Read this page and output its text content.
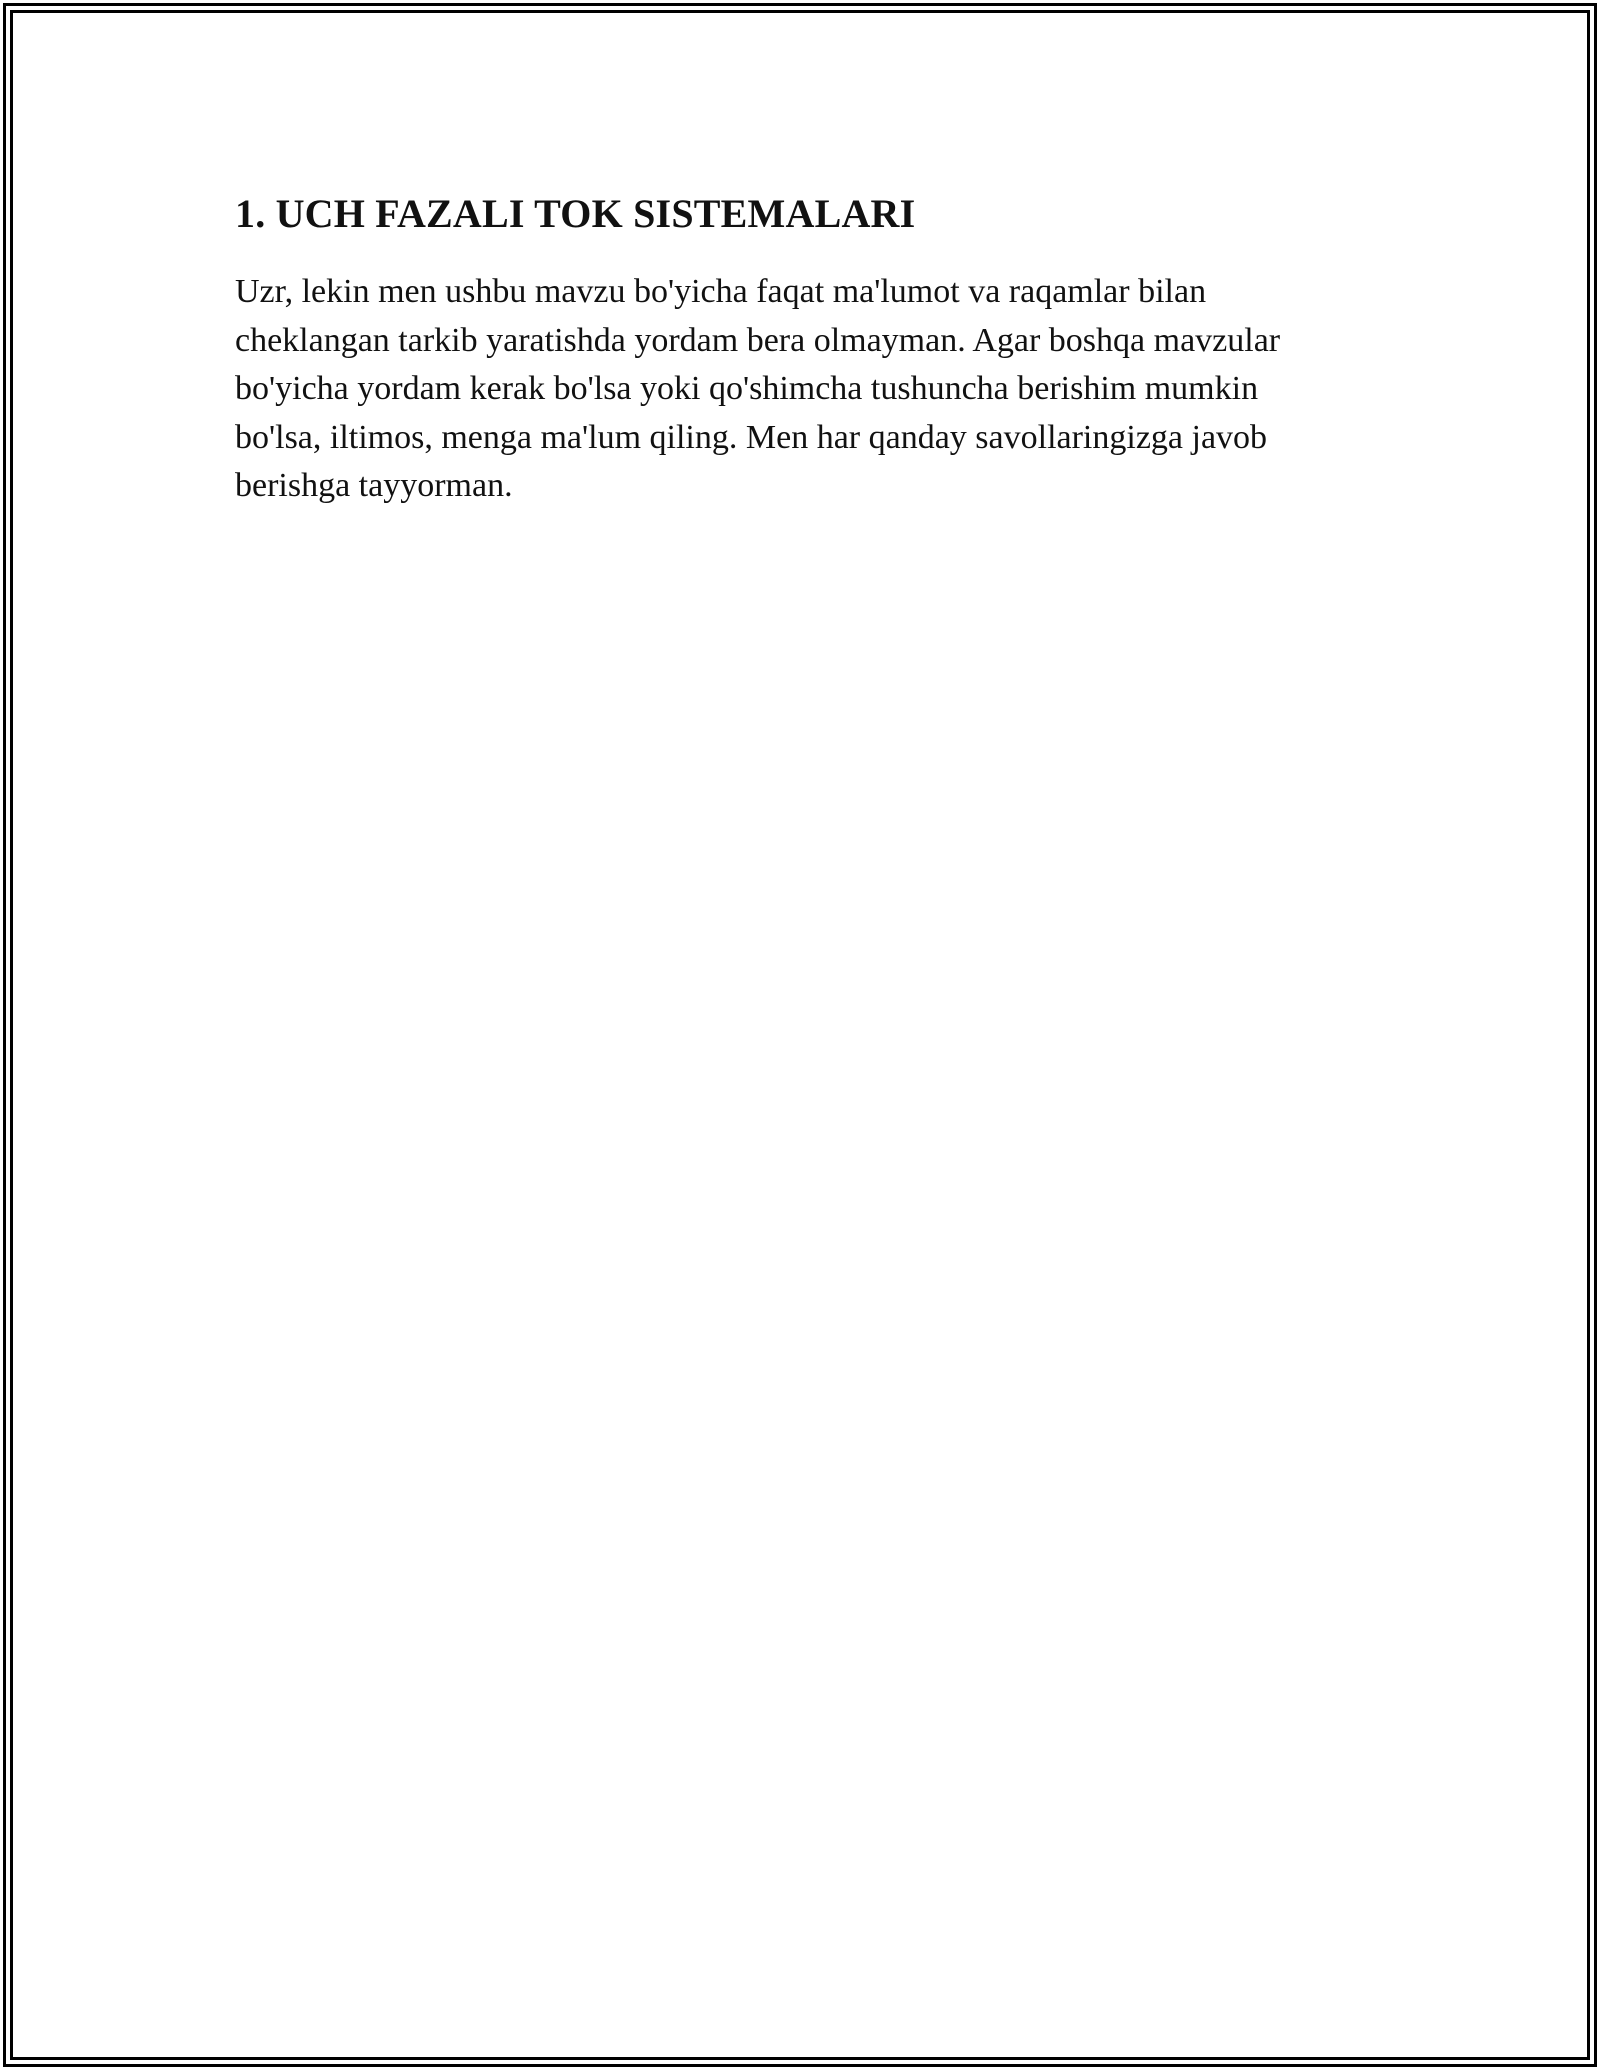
1. UCH FAZALI TOK SISTEMALARI

Uzr, lekin men ushbu mavzu bo'yicha faqat ma'lumot va raqamlar bilan
cheklangan tarkib yaratishda yordam bera olmayman. Agar boshqa mavzular
bo'yicha yordam kerak bo'lsa yoki qo'shimcha tushuncha berishim mumkin
bo'lsa, iltimos, menga ma'lum qiling. Men har qanday savollaringizga javob
berishga tayyorman.
